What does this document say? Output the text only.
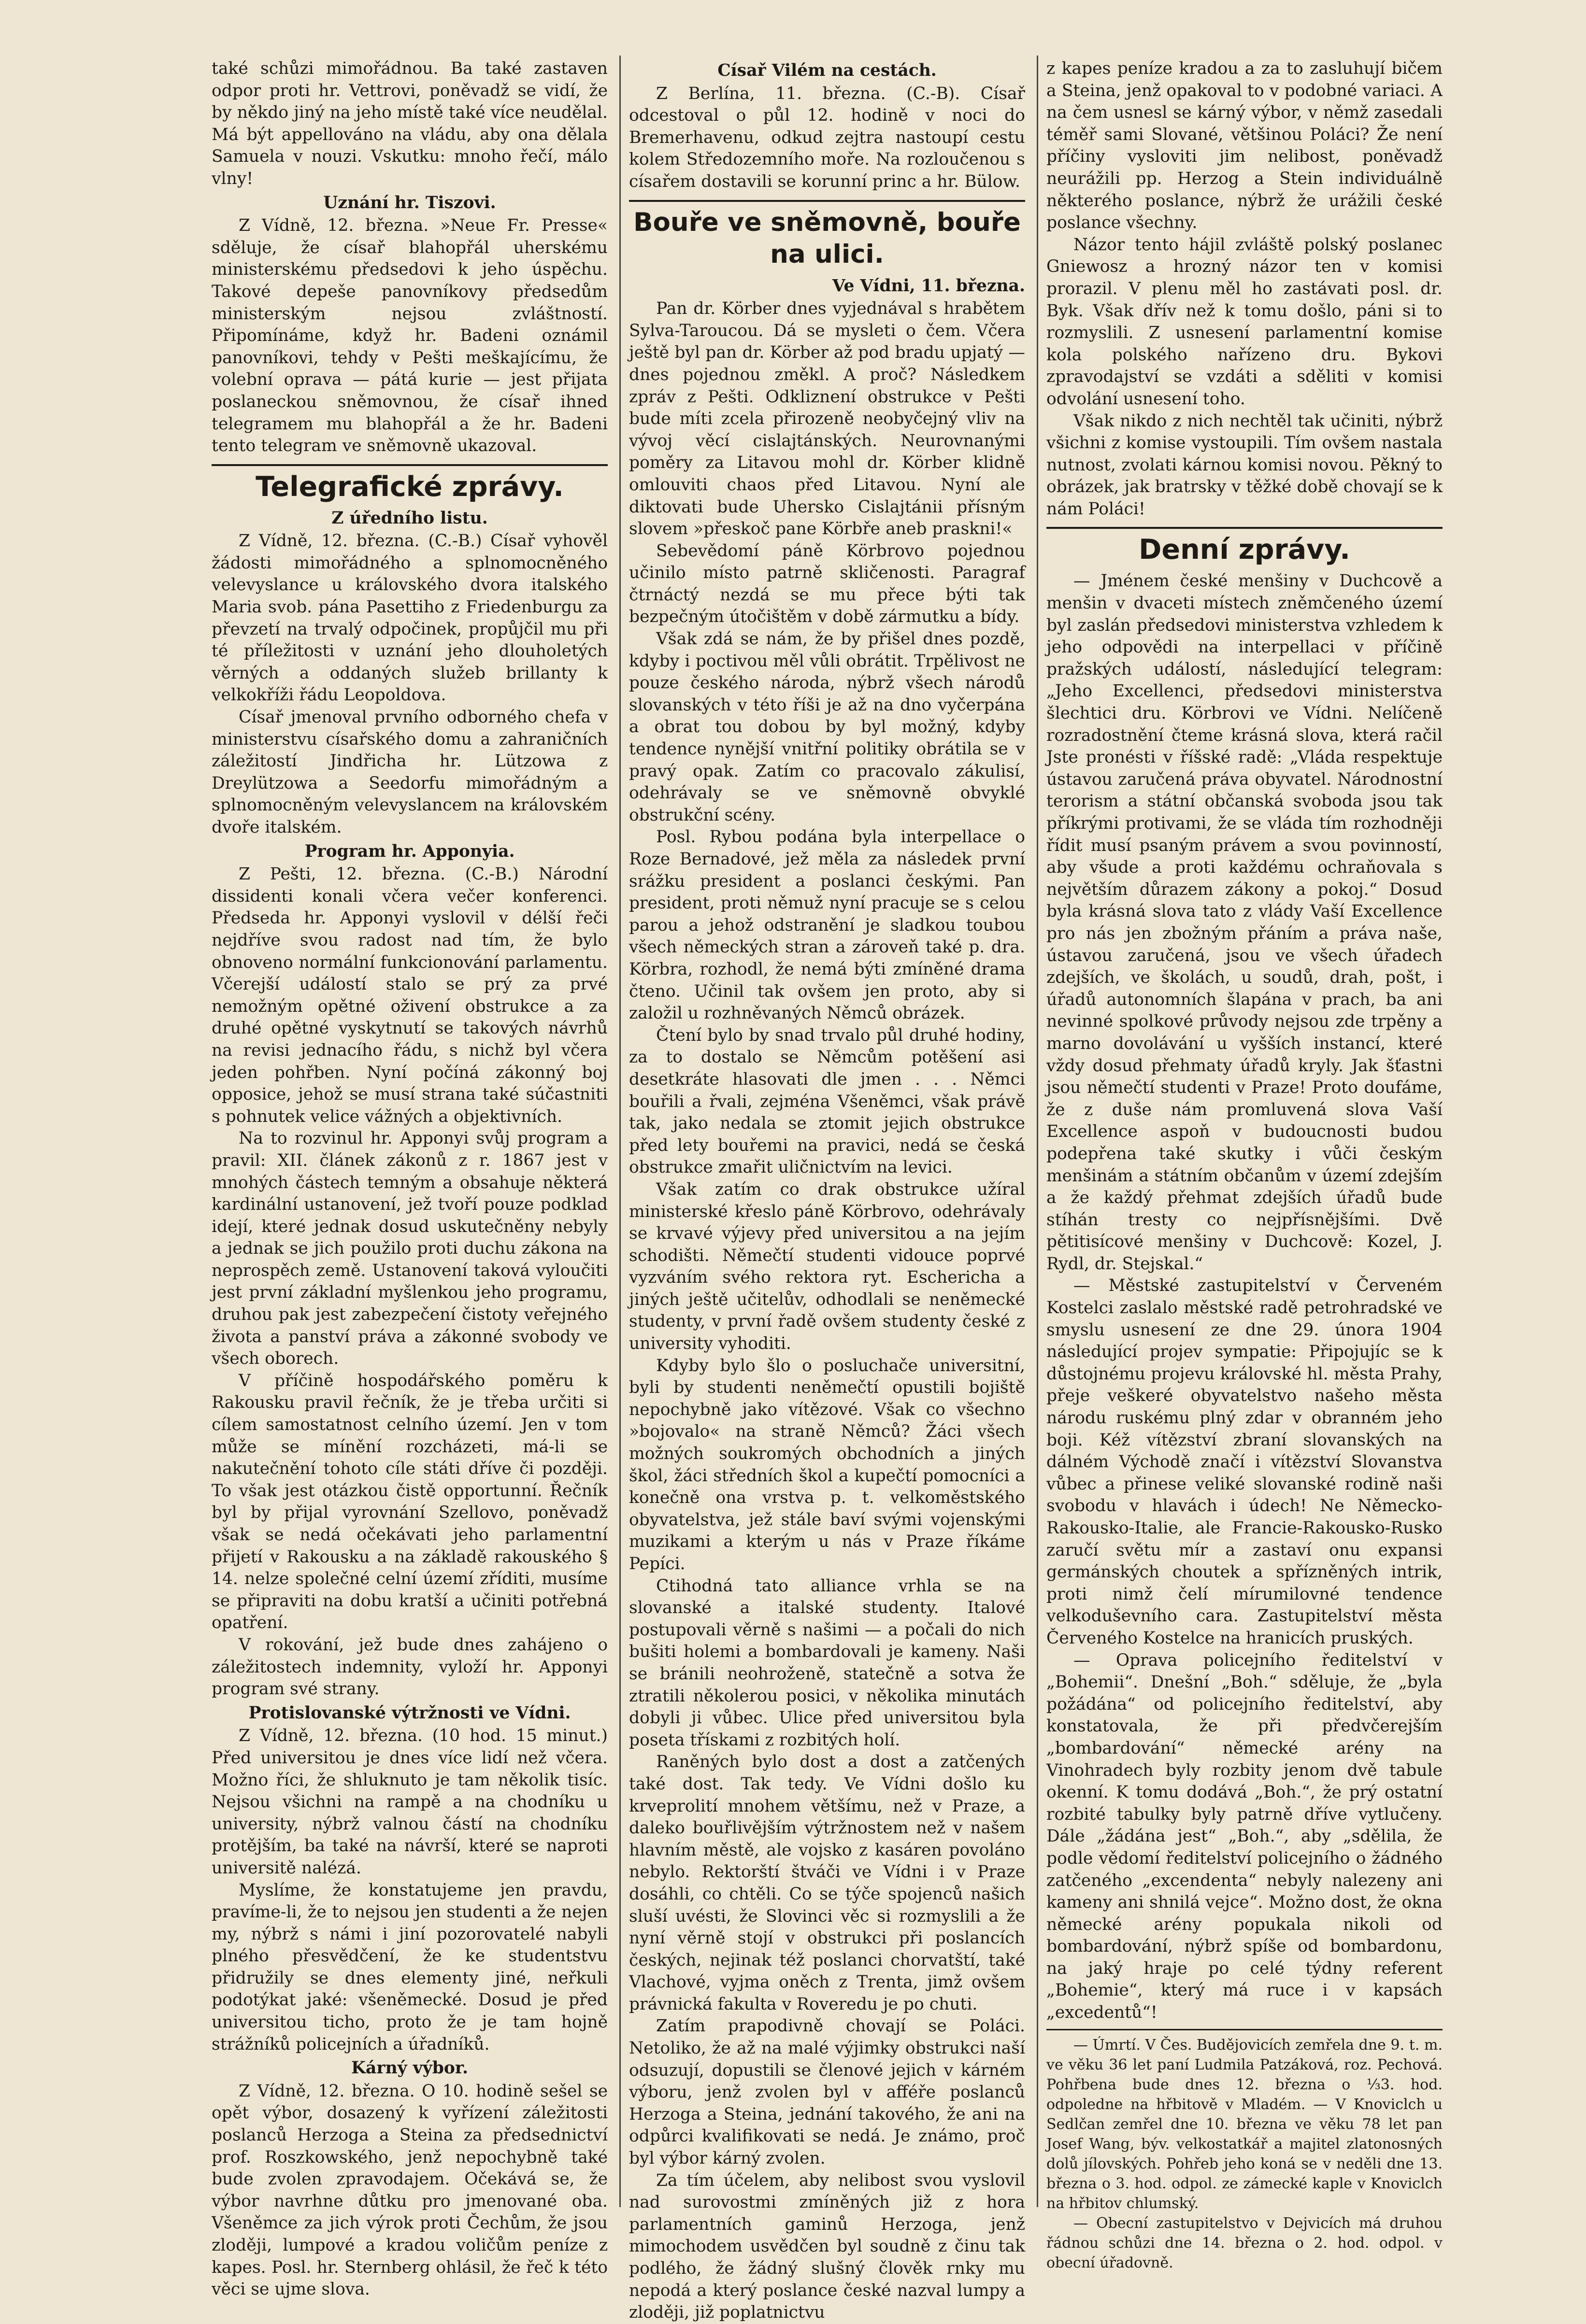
také schůzi mimořádnou. Ba také zastaven odpor proti hr. Vettrovi, poněvadž se vidí, že by někdo jiný na jeho místě také více neudělal. Má být appellováno na vládu, aby ona dělala Samuela v nouzi. Vskutku: mnoho řečí, málo vlny!

Uznání hr. Tiszovi.

Z Vídně, 12. března. »Neue Fr. Presse« sděluje, že císař blahopřál uherskému ministerskému předsedovi k jeho úspěchu. Takové depeše panovníkovy předsedům ministerským nejsou zvláštností. Připomínáme, když hr. Badeni oznámil panovníkovi, tehdy v Pešti meškajícímu, že volební oprava — pátá kurie — jest přijata poslaneckou sněmovnou, že císař ihned telegramem mu blahopřál a že hr. Badeni tento telegram ve sněmovně ukazoval.

Telegrafické zprávy.
Z úředního listu.

Z Vídně, 12. března. (C.-B.) Císař vyhověl žádosti mimořádného a splnomocněného velevyslance u královského dvora italského Maria svob. pána Pasettiho z Friedenburgu za převzetí na trvalý odpočinek, propůjčil mu při té příležitosti v uznání jeho dlouholetých věrných a oddaných služeb brillanty k velkokříži řádu Leopoldova.

Císař jmenoval prvního odborného chefa v ministerstvu císařského domu a zahraničních záležitostí Jindřicha hr. Lützowa z Dreylützowa a Seedorfu mimořádným a splnomocněným velevyslancem na královském dvoře italském.

Program hr. Apponyia.

Z Pešti, 12. března. (C.-B.) Národní dissidenti konali včera večer konferenci. Předseda hr. Apponyi vyslovil v délší řeči nejdříve svou radost nad tím, že bylo obnoveno normální funkcionování parlamentu. Včerejší událostí stalo se prý za prvé nemožným opětné oživení obstrukce a za druhé opětné vyskytnutí se takových návrhů na revisi jednacího řádu, s nichž byl včera jeden pohřben. Nyní počíná zákonný boj opposice, jehož se musí strana také súčastniti s pohnutek velice vážných a objektivních.

Na to rozvinul hr. Apponyi svůj program a pravil: XII. článek zákonů z r. 1867 jest v mnohých částech temným a obsahuje některá kardinální ustanovení, jež tvoří pouze podklad idejí, které jednak dosud uskutečněny nebyly a jednak se jich použilo proti duchu zákona na neprospěch země. Ustanovení taková vyloučiti jest první základní myšlenkou jeho programu, druhou pak jest zabezpečení čistoty veřejného života a panství práva a zákonné svobody ve všech oborech.

V příčině hospodářského poměru k Rakousku pravil řečník, že je třeba určiti si cílem samostatnost celního území. Jen v tom může se mínění rozcházeti, má-li se nakutečnění tohoto cíle státi dříve či později. To však jest otázkou čistě opportunní. Řečník byl by přijal vyrovnání Szellovo, poněvadž však se nedá očekávati jeho parlamentní přijetí v Rakousku a na základě rakouského § 14. nelze společné celní území zříditi, musíme se připraviti na dobu kratší a učiniti potřebná opatření.

V rokování, jež bude dnes zahájeno o záležitostech indemnity, vyloží hr. Apponyi program své strany.

Protislovanské výtržnosti ve Vídni.

Z Vídně, 12. března. (10 hod. 15 minut.) Před universitou je dnes více lidí než včera. Možno říci, že shluknuto je tam několik tisíc. Nejsou všichni na rampě a na chodníku u university, nýbrž valnou částí na chodníku protějším, ba také na návrší, které se naproti universitě nalézá.

Myslíme, že konstatujeme jen pravdu, pravíme-li, že to nejsou jen studenti a že nejen my, nýbrž s námi i jiní pozorovatelé nabyli plného přesvědčení, že ke studentstvu přidružily se dnes elementy jiné, neřkuli podotýkat jaké: všeněmecké. Dosud je před universitou ticho, proto že je tam hojně strážníků policejních a úřadníků.

Kárný výbor.

Z Vídně, 12. března. O 10. hodině sešel se opět výbor, dosazený k vyřízení záležitosti poslanců Herzoga a Steina za předsednictví prof. Roszkowského, jenž nepochybně také bude zvolen zpravodajem. Očekává se, že výbor navrhne důtku pro jmenované oba. Všeněmce za jich výrok proti Čechům, že jsou zloději, lumpové a kradou voličům peníze z kapes. Posl. hr. Sternberg ohlásil, že řeč k této věci se ujme slova.

Císař Vilém na cestách.

Z Berlína, 11. března. (C.-B). Císař odcestoval o půl 12. hodině v noci do Bremerhavenu, odkud zejtra nastoupí cestu kolem Středozemního moře. Na rozloučenou s císařem dostavili se korunní princ a hr. Bülow.

Bouře ve sněmovně, bouře na ulici.
Ve Vídni, 11. března.

Pan dr. Körber dnes vyjednával s hrabětem Sylva-Taroucou. Dá se mysleti o čem. Včera ještě byl pan dr. Körber až pod bradu upjatý — dnes pojednou změkl. A proč? Následkem zpráv z Pešti. Odkliznení obstrukce v Pešti bude míti zcela přirozeně neobyčejný vliv na vývoj věcí cislajtánských. Neurovnanými poměry za Litavou mohl dr. Körber klidně omlouviti chaos před Litavou. Nyní ale diktovati bude Uhersko Cislajtánii přísným slovem »přeskoč pane Körbře aneb praskni!«

Sebevědomí páně Körbrovo pojednou učinilo místo patrně skličenosti. Paragraf čtrnáctý nezdá se mu přece býti tak bezpečným útočištěm v době zármutku a bídy.

Však zdá se nám, že by přišel dnes pozdě, kdyby i poctivou měl vůli obrátit. Trpělivost ne pouze českého národa, nýbrž všech národů slovanských v této říši je až na dno vyčerpána a obrat tou dobou by byl možný, kdyby tendence nynější vnitřní politiky obrátila se v pravý opak. Zatím co pracovalo zákulisí, odehrávaly se ve sněmovně obvyklé obstrukční scény.

Posl. Rybou podána byla interpellace o Roze Bernadové, jež měla za následek první srážku president a poslanci českými. Pan president, proti němuž nyní pracuje se s celou parou a jehož odstranění je sladkou toubou všech německých stran a zároveň také p. dra. Körbra, rozhodl, že nemá býti zmíněné drama čteno. Učinil tak ovšem jen proto, aby si založil u rozhněvaných Němců obrázek.

Čtení bylo by snad trvalo půl druhé hodiny, za to dostalo se Němcům potěšení asi desetkráte hlasovati dle jmen . . . Němci bouřili a řvali, zejména Všeněmci, však právě tak, jako nedala se ztomit jejich obstrukce před lety bouřemi na pravici, nedá se česká obstrukce zmařit uličnictvím na levici.

Však zatím co drak obstrukce užíral ministerské křeslo páně Körbrovo, odehrávaly se krvavé výjevy před universitou a na jejím schodišti. Němečtí studenti vidouce poprvé vyzváním svého rektora ryt. Eschericha a jiných ještě učitelův, odhodlali se neněmecké studenty, v první řadě ovšem studenty české z university vyhoditi.

Kdyby bylo šlo o posluchače universitní, byli by studenti neněmečtí opustili bojiště nepochybně jako vítězové. Však co všechno »bojovalo« na straně Němců? Žáci všech možných soukromých obchodních a jiných škol, žáci středních škol a kupečtí pomocníci a konečně ona vrstva p. t. velkoměstského obyvatelstva, jež stále baví svými vojenskými muzikami a kterým u nás v Praze říkáme Pepíci.

Ctihodná tato alliance vrhla se na slovanské a italské studenty. Italové postupovali věrně s našimi — a počali do nich bušiti holemi a bombardovali je kameny. Naši se bránili neohroženě, statečně a sotva že ztratili několerou posici, v několika minutách dobyli ji vůbec. Ulice před universitou byla poseta třískami z rozbitých holí.

Raněných bylo dost a dost a zatčených také dost. Tak tedy. Ve Vídni došlo ku krveprolití mnohem většímu, než v Praze, a daleko bouřlivějším výtržnostem než v našem hlavním městě, ale vojsko z kasáren povoláno nebylo. Rektorští štváči ve Vídni i v Praze dosáhli, co chtěli. Co se týče spojenců našich sluší uvésti, že Slovinci věc si rozmyslili a že nyní věrně stojí v obstrukci při poslancích českých, nejinak též poslanci chorvatští, také Vlachové, vyjma oněch z Trenta, jimž ovšem právnická fakulta v Roveredu je po chuti.

Zatím prapodivně chovají se Poláci. Netoliko, že až na malé výjimky obstrukci naší odsuzují, dopustili se členové jejich v kárném výboru, jenž zvolen byl v afféře poslanců Herzoga a Steina, jednání takového, že ani na odpůrci kvalifikovati se nedá. Je známo, proč byl výbor kárný zvolen.

Za tím účelem, aby nelibost svou vyslovil nad surovostmi zmíněných již z hora parlamentních gaminů Herzoga, jenž mimochodem usvědčen byl soudně z činu tak podlého, že žádný slušný člověk rnky mu nepodá a který poslance české nazval lumpy a zloději, již poplatnictvu

z kapes peníze kradou a za to zasluhují bičem a Steina, jenž opakoval to v podobné variaci. A na čem usnesl se kárný výbor, v němž zasedali téměř sami Slované, většinou Poláci? Že není příčiny vysloviti jim nelibost, poněvadž neurážili pp. Herzog a Stein individuálně některého poslance, nýbrž že urážili české poslance všechny.

Názor tento hájil zvláště polský poslanec Gniewosz a hrozný názor ten v komisi prorazil. V plenu měl ho zastávati posl. dr. Byk. Však dřív než k tomu došlo, páni si to rozmyslili. Z usnesení parlamentní komise kola polského nařízeno dru. Bykovi zpravodajství se vzdáti a sděliti v komisi odvolání usnesení toho.

Však nikdo z nich nechtěl tak učiniti, nýbrž všichni z komise vystoupili. Tím ovšem nastala nutnost, zvolati kárnou komisi novou. Pěkný to obrázek, jak bratrsky v těžké době chovají se k nám Poláci!

Denní zprávy.

— Jménem české menšiny v Duchcově a menšin v dvaceti místech zněmčeného území byl zaslán předsedovi ministerstva vzhledem k jeho odpovědi na interpellaci v příčině pražských událostí, následující telegram: „Jeho Excellenci, předsedovi ministerstva šlechtici dru. Körbrovi ve Vídni. Nelíčeně rozradostnění čteme krásná slova, která račil Jste pronésti v říšské radě: „Vláda respektuje ústavou zaručená práva obyvatel. Národnostní terorism a státní občanská svoboda jsou tak příkrými protivami, že se vláda tím rozhodněji řídit musí psaným právem a svou povinností, aby všude a proti každému ochraňovala s největším důrazem zákony a pokoj.“ Dosud byla krásná slova tato z vlády Vaší Excellence pro nás jen zbožným přáním a práva naše, ústavou zaručená, jsou ve všech úřadech zdejších, ve školách, u soudů, drah, pošt, i úřadů autonomních šlapána v prach, ba ani nevinné spolkové průvody nejsou zde trpěny a marno dovolávání u vyšších instancí, které vždy dosud přehmaty úřadů kryly. Jak šťastni jsou němečtí studenti v Praze! Proto doufáme, že z duše nám promluvená slova Vaší Excellence aspoň v budoucnosti budou podepřena také skutky i vůči českým menšinám a státním občanům v území zdejším a že každý přehmat zdejších úřadů bude stíhán tresty co nejpřísnějšími. Dvě pětitisícové menšiny v Duchcově: Kozel, J. Rydl, dr. Stejskal.“

— Městské zastupitelství v Červeném Kostelci zaslalo městské radě petrohradské ve smyslu usnesení ze dne 29. února 1904 následující projev sympatie: Připojujíc se k důstojnému projevu královské hl. města Prahy, přeje veškeré obyvatelstvo našeho města národu ruskému plný zdar v obranném jeho boji. Kéž vítězství zbraní slovanských na dálném Východě značí i vítězství Slovanstva vůbec a přinese veliké slovanské rodině naši svobodu v hlavách i údech! Ne Německo-Rakousko-Italie, ale Francie-Rakousko-Rusko zaručí světu mír a zastaví onu expansi germánských choutek a spřízněných intrik, proti nimž čelí mírumilovné tendence velkoduševního cara. Zastupitelství města Červeného Kostelce na hranicích pruských.

— Oprava policejního ředitelství v „Bohemii“. Dnešní „Boh.“ sděluje, že „byla požádána“ od policejního ředitelství, aby konstatovala, že při předvčerejším „bombardování“ německé arény na Vinohradech byly rozbity jenom dvě tabule okenní. K tomu dodává „Boh.“, že prý ostatní rozbité tabulky byly patrně dříve vytlučeny. Dále „žádána jest“ „Boh.“, aby „sdělila, že podle vědomí ředitelství policejního o žádného zatčeného „excendenta“ nebyly nalezeny ani kameny ani shnilá vejce“. Možno dost, že okna německé arény popukala nikoli od bombardování, nýbrž spíše od bombardonu, na jaký hraje po celé týdny referent „Bohemie“, který má ruce i v kapsách „excedentů“!

— Úmrtí. V Čes. Budějovicích zemřela dne 9. t. m. ve věku 36 let paní Ludmila Patzáková, roz. Pechová. Pohřbena bude dnes 12. března o ⅓3. hod. odpoledne na hřbitově v Mladém. — V Knoviclch u Sedlčan zemřel dne 10. března ve věku 78 let pan Josef Wang, býv. velkostatkář a majitel zlatonosných dolů jílovských. Pohřeb jeho koná se v neděli dne 13. března o 3. hod. odpol. ze zámecké kaple v Knoviclch na hřbitov chlumský.

— Obecní zastupitelstvo v Dejvicích má druhou řádnou schůzi dne 14. března o 2. hod. odpol. v obecní úřadovně.
